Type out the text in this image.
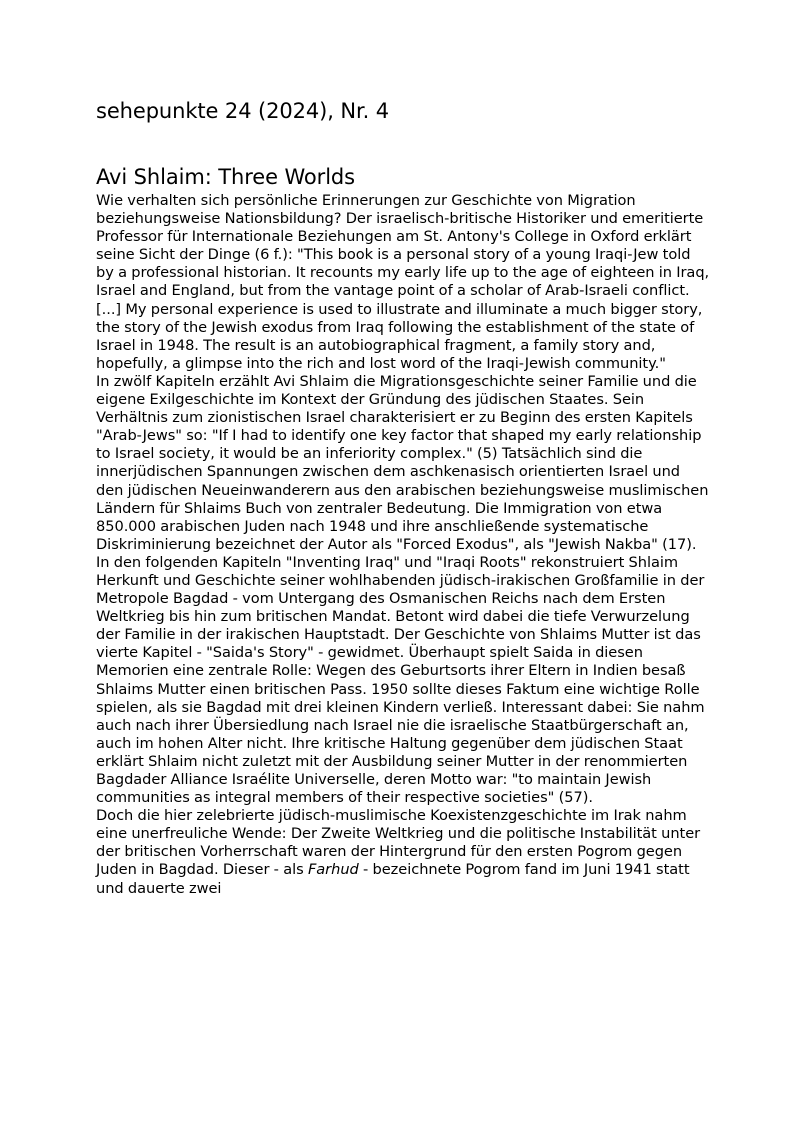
sehepunkte 24 (2024), Nr. 4
Avi Shlaim: Three Worlds

Wie verhalten sich persönliche Erinnerungen zur Geschichte von Migration beziehungsweise Nationsbildung? Der israelisch-britische Historiker und emeritierte Professor für Internationale Beziehungen am St. Antony's College in Oxford erklärt seine Sicht der Dinge (6 f.): "This book is a personal story of a young Iraqi-Jew told by a professional historian. It recounts my early life up to the age of eighteen in Iraq, Israel and England, but from the vantage point of a scholar of Arab-Israeli conflict. [...] My personal experience is used to illustrate and illuminate a much bigger story, the story of the Jewish exodus from Iraq following the establishment of the state of Israel in 1948. The result is an autobiographical fragment, a family story and, hopefully, a glimpse into the rich and lost word of the Iraqi-Jewish community."

In zwölf Kapiteln erzählt Avi Shlaim die Migrationsgeschichte seiner Familie und die eigene Exilgeschichte im Kontext der Gründung des jüdischen Staates. Sein Verhältnis zum zionistischen Israel charakterisiert er zu Beginn des ersten Kapitels "Arab-Jews" so: "If I had to identify one key factor that shaped my early relationship to Israel society, it would be an inferiority complex." (5) Tatsächlich sind die innerjüdischen Spannungen zwischen dem aschkenasisch orientierten Israel und den jüdischen Neueinwanderern aus den arabischen beziehungsweise muslimischen Ländern für Shlaims Buch von zentraler Bedeutung. Die Immigration von etwa 850.000 arabischen Juden nach 1948 und ihre anschließende systematische Diskriminierung bezeichnet der Autor als "Forced Exodus", als "Jewish Nakba" (17).

In den folgenden Kapiteln "Inventing Iraq" und "Iraqi Roots" rekonstruiert Shlaim Herkunft und Geschichte seiner wohlhabenden jüdisch-irakischen Großfamilie in der Metropole Bagdad - vom Untergang des Osmanischen Reichs nach dem Ersten Weltkrieg bis hin zum britischen Mandat. Betont wird dabei die tiefe Verwurzelung der Familie in der irakischen Hauptstadt. Der Geschichte von Shlaims Mutter ist das vierte Kapitel - "Saida's Story" - gewidmet. Überhaupt spielt Saida in diesen Memorien eine zentrale Rolle: Wegen des Geburtsorts ihrer Eltern in Indien besaß Shlaims Mutter einen britischen Pass. 1950 sollte dieses Faktum eine wichtige Rolle spielen, als sie Bagdad mit drei kleinen Kindern verließ. Interessant dabei: Sie nahm auch nach ihrer Übersiedlung nach Israel nie die israelische Staatbürgerschaft an, auch im hohen Alter nicht. Ihre kritische Haltung gegenüber dem jüdischen Staat erklärt Shlaim nicht zuletzt mit der Ausbildung seiner Mutter in der renommierten Bagdader Alliance Israélite Universelle, deren Motto war: "to maintain Jewish communities as integral members of their respective societies" (57).

Doch die hier zelebrierte jüdisch-muslimische Koexistenzgeschichte im Irak nahm eine unerfreuliche Wende: Der Zweite Weltkrieg und die politische Instabilität unter der britischen Vorherrschaft waren der Hintergrund für den ersten Pogrom gegen Juden in Bagdad. Dieser - als Farhud - bezeichnete Pogrom fand im Juni 1941 statt und dauerte zwei
